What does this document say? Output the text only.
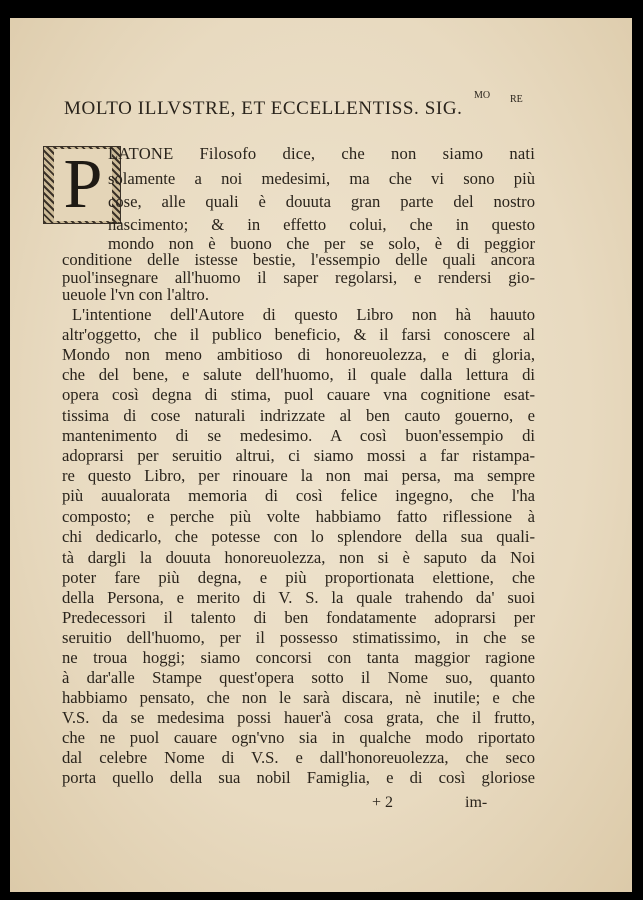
MOLTO ILLVSTRE, ET ECCELLENTISS. SIG.
MO RE
P LATONE Filosofo dice, che non siamo nati
solamente a noi medesimi, ma che vi sono più
cose, alle quali è douuta gran parte del nostro
nascimento; & in effetto colui, che in questo
mondo non è buono che per se solo, è di peggior
conditione delle istesse bestie, l'essempio delle quali ancora
puol'insegnare all'huomo il saper regolarsi, e rendersi gio-
ueuole l'vn con l'altro.
L'intentione dell'Autore di questo Libro non hà hauuto
altr'oggetto, che il publico beneficio, & il farsi conoscere al
Mondo non meno ambitioso di honoreuolezza, e di gloria,
che del bene, e salute dell'huomo, il quale dalla lettura di
opera così degna di stima, puol cauare vna cognitione esat-
tissima di cose naturali indrizzate al ben cauto gouerno, e
mantenimento di se medesimo. A così buon'essempio di
adoprarsi per seruitio altrui, ci siamo mossi a far ristampa-
re questo Libro, per rinouare la non mai persa, ma sempre
più auualorata memoria di così felice ingegno, che l'ha
composto; e perche più volte habbiamo fatto riflessione à
chi dedicarlo, che potesse con lo splendore della sua quali-
tà dargli la douuta honoreuolezza, non si è saputo da Noi
poter fare più degna, e più proportionata elettione, che
della Persona, e merito di V. S. la quale trahendo da' suoi
Predecessori il talento di ben fondatamente adoprarsi per
seruitio dell'huomo, per il possesso stimatissimo, in che se
ne troua hoggi; siamo concorsi con tanta maggior ragione
à dar'alle Stampe quest'opera sotto il Nome suo, quanto
habbiamo pensato, che non le sarà discara, nè inutile; e che
V.S. da se medesima possi hauer'à cosa grata, che il frutto,
che ne puol cauare ogn'vno sia in qualche modo riportato
dal celebre Nome di V.S. e dall'honoreuolezza, che seco
porta quello della sua nobil Famiglia, e di così gloriose
+ 2	im-
